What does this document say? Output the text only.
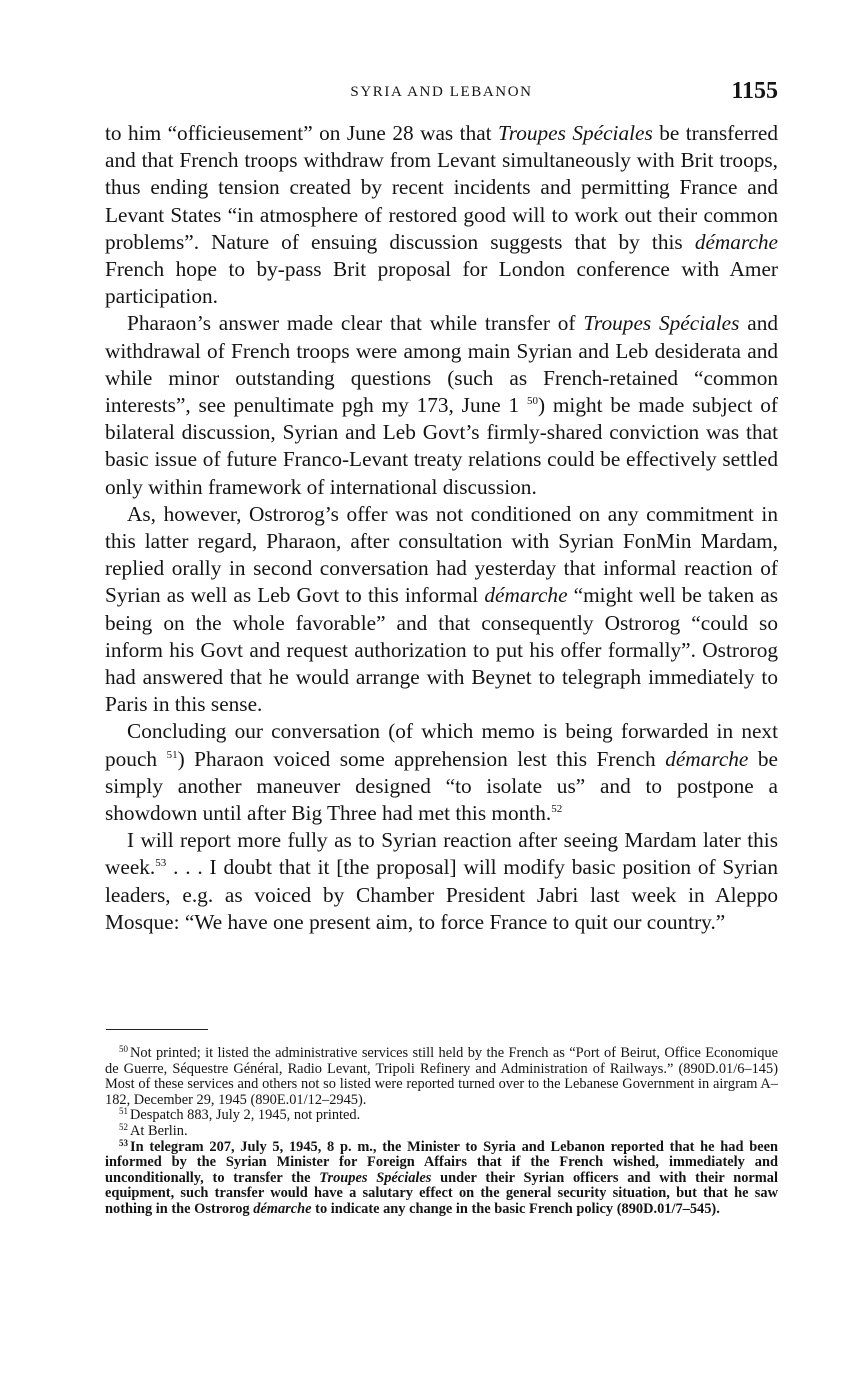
SYRIA AND LEBANON	1155

to him “officieusement” on June 28 was that Troupes Spéciales be transferred and that French troops withdraw from Levant simultaneously with Brit troops, thus ending tension created by recent incidents and permitting France and Levant States “in atmosphere of restored good will to work out their common problems”. Nature of ensuing discussion suggests that by this démarche French hope to by-pass Brit proposal for London conference with Amer participation.

Pharaon’s answer made clear that while transfer of Troupes Spéciales and withdrawal of French troops were among main Syrian and Leb desiderata and while minor outstanding questions (such as French-retained “common interests”, see penultimate pgh my 173, June 1 $^{50}$) might be made subject of bilateral discussion, Syrian and Leb Govt’s firmly-shared conviction was that basic issue of future Franco-Levant treaty relations could be effectively settled only within framework of international discussion.

As, however, Ostrorog’s offer was not conditioned on any commitment in this latter regard, Pharaon, after consultation with Syrian FonMin Mardam, replied orally in second conversation had yesterday that informal reaction of Syrian as well as Leb Govt to this informal démarche “might well be taken as being on the whole favorable” and that consequently Ostrorog “could so inform his Govt and request authorization to put his offer formally”. Ostrorog had answered that he would arrange with Beynet to telegraph immediately to Paris in this sense.

Concluding our conversation (of which memo is being forwarded in next pouch $^{51}$) Pharaon voiced some apprehension lest this French démarche be simply another maneuver designed “to isolate us” and to postpone a showdown until after Big Three had met this month.$^{52}$

I will report more fully as to Syrian reaction after seeing Mardam later this week.$^{53}$ . . . I doubt that it [the proposal] will modify basic position of Syrian leaders, e.g. as voiced by Chamber President Jabri last week in Aleppo Mosque: “We have one present aim, to force France to quit our country.”

$^{50}$ Not printed; it listed the administrative services still held by the French as “Port of Beirut, Office Economique de Guerre, Séquestre Général, Radio Levant, Tripoli Refinery and Administration of Railways.” (890D.01/6–145) Most of these services and others not so listed were reported turned over to the Lebanese Government in airgram A–182, December 29, 1945 (890E.01/12–2945).

$^{51}$ Despatch 883, July 2, 1945, not printed.

$^{52}$ At Berlin.

$^{53}$ In telegram 207, July 5, 1945, 8 p. m., the Minister to Syria and Lebanon reported that he had been informed by the Syrian Minister for Foreign Affairs that if the French wished, immediately and unconditionally, to transfer the Troupes Spéciales under their Syrian officers and with their normal equipment, such transfer would have a salutary effect on the general security situation, but that he saw nothing in the Ostrorog démarche to indicate any change in the basic French policy (890D.01/7–545).
